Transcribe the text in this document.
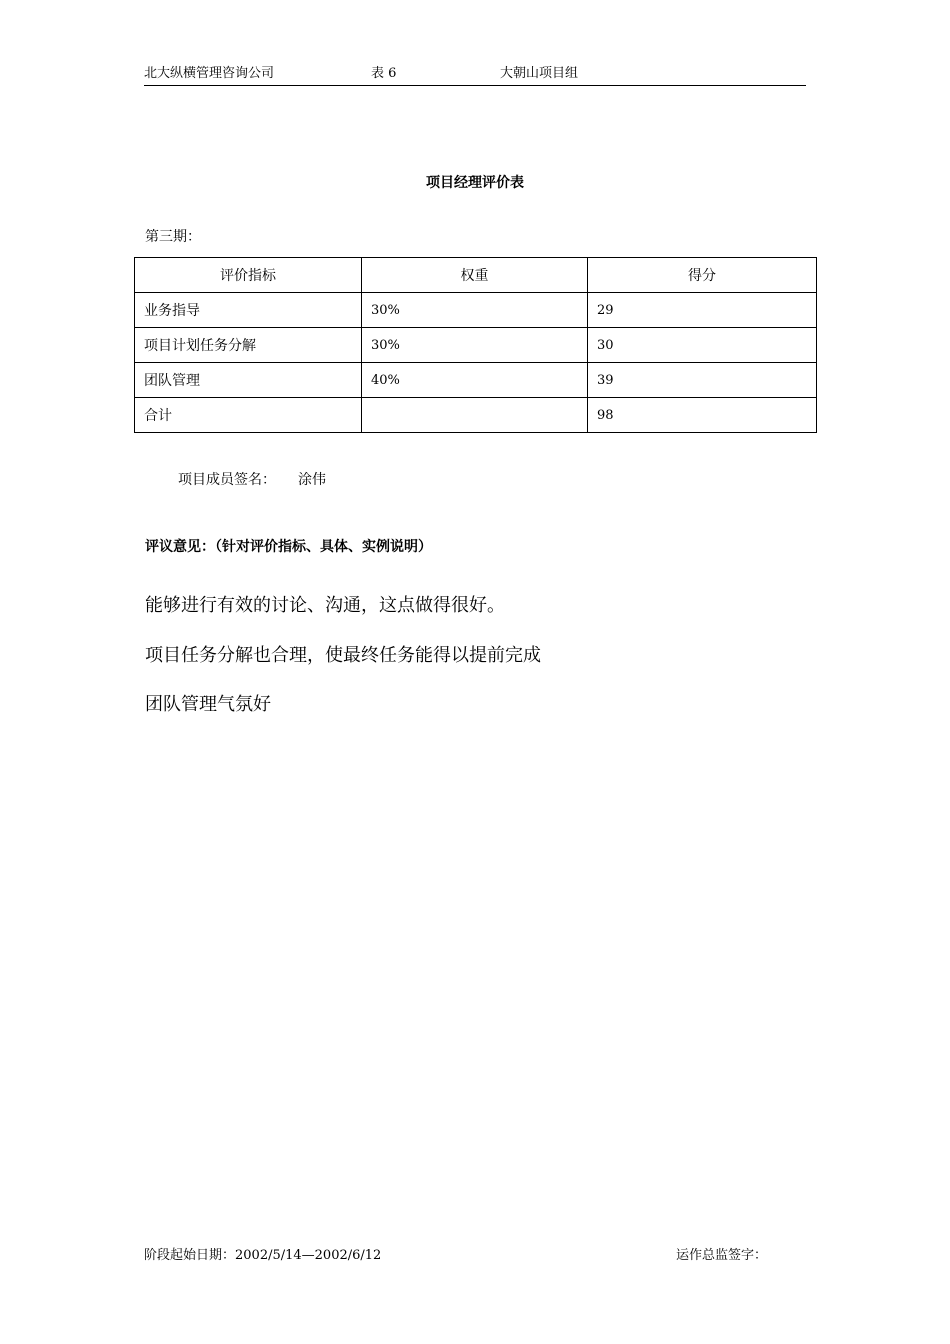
北大纵横管理咨询公司	表 6	大朝山项目组
项目经理评价表
第三期：
评价指标	权重	得分
业务指导	30%	29
项目计划任务分解	30%	30
团队管理	40%	39
合计		98
项目成员签名： 涂伟
评议意见：（针对评价指标、具体、实例说明）
能够进行有效的讨论、沟通，这点做得很好。
项目任务分解也合理，使最终任务能得以提前完成
团队管理气氛好
阶段起始日期：2002/5/14—2002/6/12	运作总监签字：
